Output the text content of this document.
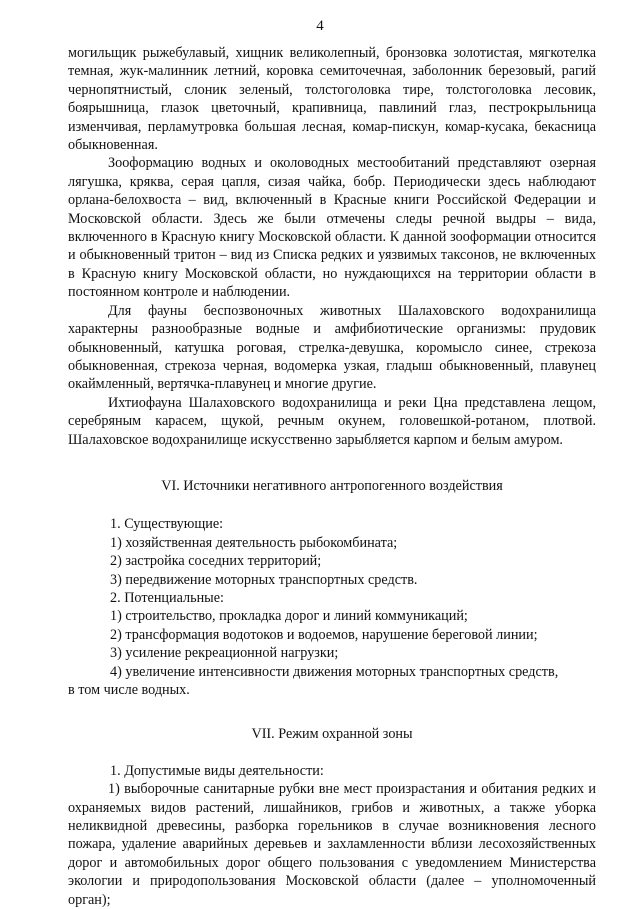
4

могильщик рыжебулавый, хищник великолепный, бронзовка золотистая, мягкотелка темная, жук-малинник летний, коровка семиточечная, заболонник березовый, рагий чернопятнистый, слоник зеленый, толстоголовка тире, толстоголовка лесовик, боярышница, глазок цветочный, крапивница, павлиний глаз, пестрокрыльница изменчивая, перламутровка большая лесная, комар-пискун, комар-кусака, бекасница обыкновенная.

Зооформацию водных и околоводных местообитаний представляют озерная лягушка, кряква, серая цапля, сизая чайка, бобр. Периодически здесь наблюдают орлана-белохвоста – вид, включенный в Красные книги Российской Федерации и Московской области. Здесь же были отмечены следы речной выдры – вида, включенного в Красную книгу Московской области. К данной зооформации относится и обыкновенный тритон – вид из Списка редких и уязвимых таксонов, не включенных в Красную книгу Московской области, но нуждающихся на территории области в постоянном контроле и наблюдении.

Для фауны беспозвоночных животных Шалаховского водохранилища характерны разнообразные водные и амфибиотические организмы: прудовик обыкновенный, катушка роговая, стрелка-девушка, коромысло синее, стрекоза обыкновенная, стрекоза черная, водомерка узкая, гладыш обыкновенный, плавунец окаймленный, вертячка-плавунец и многие другие.

Ихтиофауна Шалаховского водохранилища и реки Цна представлена лещом, серебряным карасем, щукой, речным окунем, головешкой-ротаном, плотвой. Шалаховское водохранилище искусственно зарыбляется карпом и белым амуром.

VI. Источники негативного антропогенного воздействия
1. Существующие:
1) хозяйственная деятельность рыбокомбината;
2) застройка соседних территорий;
3) передвижение моторных транспортных средств.
2. Потенциальные:
1) строительство, прокладка дорог и линий коммуникаций;
2) трансформация водотоков и водоемов, нарушение береговой линии;
3) усиление рекреационной нагрузки;
4) увеличение интенсивности движения моторных транспортных средств,
в том числе водных.
VII. Режим охранной зоны
1. Допустимые виды деятельности:

1) выборочные санитарные рубки вне мест произрастания и обитания редких и охраняемых видов растений, лишайников, грибов и животных, а также уборка неликвидной древесины, разборка горельников в случае возникновения лесного пожара, удаление аварийных деревьев и захламленности вблизи лесохозяйственных дорог и автомобильных дорог общего пользования с уведомлением Министерства экологии и природопользования Московской области (далее – уполномоченный орган);
